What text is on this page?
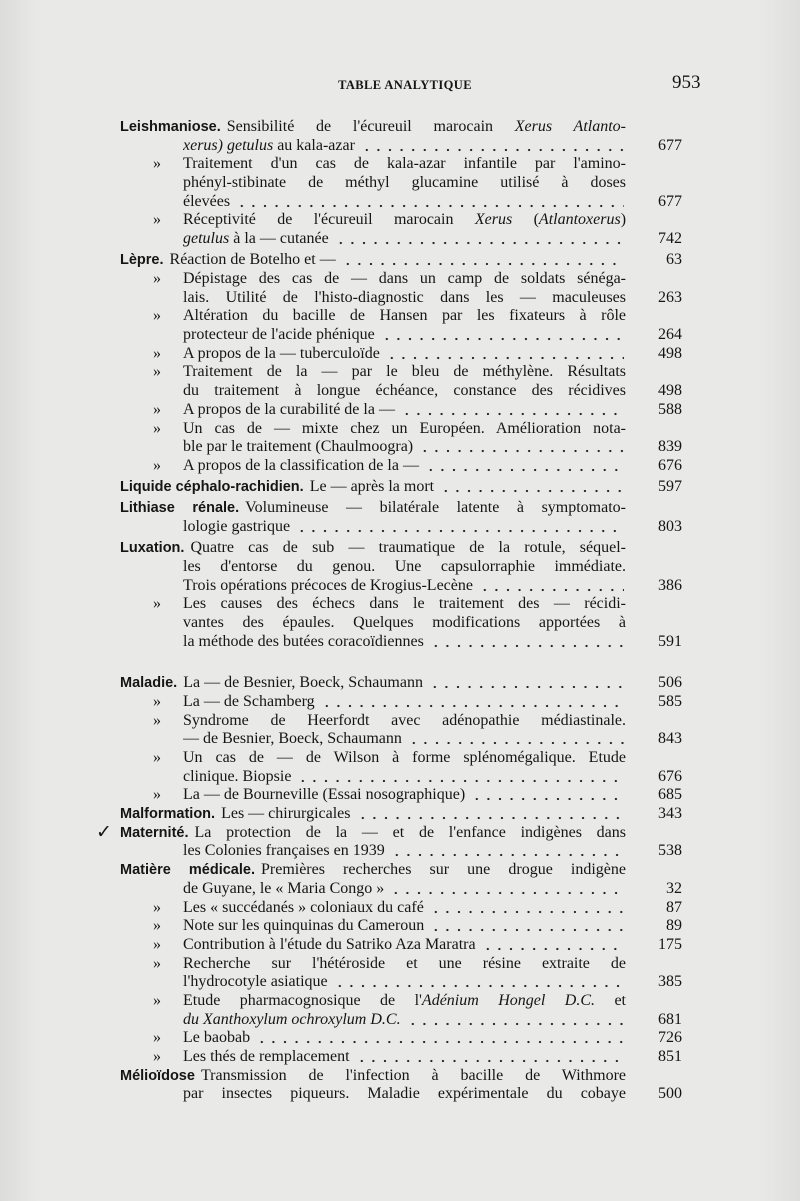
TABLE ANALYTIQUE	953
Leishmaniose. Sensibilité de l'écureuil marocain Xerus Atlanto-
xerus) getulus au kala-azar	677
» Traitement d'un cas de kala-azar infantile par l'amino-
phényl-stibinate de méthyl glucamine utilisé à doses
élevées	677
» Réceptivité de l'écureuil marocain Xerus (Atlantoxerus)
getulus à la — cutanée	742
Lèpre. Réaction de Botelho et —	63
» Dépistage des cas de — dans un camp de soldats sénéga-
lais. Utilité de l'histo-diagnostic dans les — maculeuses	263
» Altération du bacille de Hansen par les fixateurs à rôle
protecteur de l'acide phénique	264
» A propos de la — tuberculoïde	498
» Traitement de la — par le bleu de méthylène. Résultats
du traitement à longue échéance, constance des récidives	498
» A propos de la curabilité de la —	588
» Un cas de — mixte chez un Européen. Amélioration nota-
ble par le traitement (Chaulmoogra)	839
» A propos de la classification de la —	676
Liquide céphalo-rachidien. Le — après la mort	597
Lithiase rénale. Volumineuse — bilatérale latente à symptomato-
lologie gastrique	803
Luxation. Quatre cas de sub — traumatique de la rotule, séquel-
les d'entorse du genou. Une capsulorraphie immédiate.
Trois opérations précoces de Krogius-Lecène	386
» Les causes des échecs dans le traitement des — récidi-
vantes des épaules. Quelques modifications apportées à
la méthode des butées coracoïdiennes	591
Maladie. La — de Besnier, Boeck, Schaumann	506
» La — de Schamberg	585
» Syndrome de Heerfordt avec adénopathie médiastinale.
— de Besnier, Boeck, Schaumann	843
» Un cas de — de Wilson à forme splénomégalique. Etude
clinique. Biopsie	676
» La — de Bourneville (Essai nosographique)	685
Malformation. Les — chirurgicales	343
✓ Maternité. La protection de la — et de l'enfance indigènes dans
les Colonies françaises en 1939	538
Matière médicale. Premières recherches sur une drogue indigène
de Guyane, le « Maria Congo »	32
» Les « succédanés » coloniaux du café	87
» Note sur les quinquinas du Cameroun	89
» Contribution à l'étude du Satriko Aza Maratra	175
» Recherche sur l'hétéroside et une résine extraite de
l'hydrocotyle asiatique	385
» Etude pharmacognosique de l'Adénium Hongel D.C. et
du Xanthoxylum ochroxylum D.C.	681
» Le baobab	726
» Les thés de remplacement	851
Mélioïdose Transmission de l'infection à bacille de Withmore
par insectes piqueurs. Maladie expérimentale du cobaye	500
